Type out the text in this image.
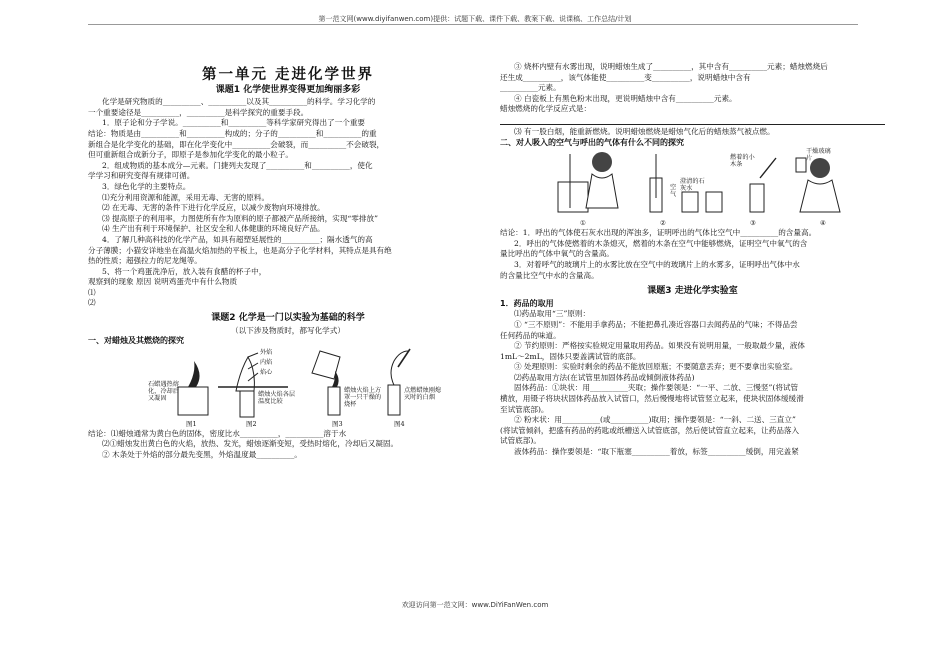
第一范文网(www.diyifanwen.com)提供：试题下载、课件下载、教案下载、说课稿、工作总结/计划
第一单元 走进化学世界
课题1 化学使世界变得更加绚丽多彩

化学是研究物质的__________、__________以及其__________的科学。学习化学的

一个重要途径是__________，__________是科学探究的重要手段。

1．原子论和分子学说。__________和__________等科学家研究得出了一个重要

结论：物质是由__________和__________构成的；分子的__________和__________的重

新组合是化学变化的基础，即在化学变化中__________会破裂，而__________不会破裂，

但可重新组合成新分子，即原子是参加化学变化的最小粒子。

2．组成物质的基本成分—元素。门捷列夫发现了__________和__________，使化

学学习和研究变得有规律可循。

3．绿色化学的主要特点。

⑴充分利用资源和能源，采用无毒、无害的原料。

⑵ 在无毒、无害的条件下进行化学反应，以减少废物向环境排放。

⑶ 提高原子的利用率，力图使所有作为原料的原子都被产品所接纳，实现“零排放”

⑷ 生产出有利于环境保护、社区安全和人体健康的环境良好产品。

4．了解几种高科技的化学产品，如具有超塑延展性的__________；隔水透气的高

分子薄膜；小猫安详地坐在高温火焰加热的平板上，也是高分子化学材料，其特点是具有绝

热的性质；超强拉力的尼龙绳等。

5、将一个鸡蛋洗净后，放入装有食醋的杯子中，

观察到的现象 原因 说明鸡蛋壳中有什么物质

⑴

⑵

课题2 化学是一门以实验为基础的科学
（以下涉及物质时，都写化学式）
一、对蜡烛及其燃烧的探究
石蜡遇热熔化，冷却后又凝固
外焰
内焰
焰心
蜡烛火焰各层温度比较
蜡烛火焰上方罩一只干燥的烧杯
点燃蜡烛刚熄灭时的白烟
图1	图2	图3	图4

结论：⑴蜡烛通常为黄白色的固体，密度比水__________，__________溶于水

⑵①蜡烛发出黄白色的火焰，放热、发光，蜡烛逐渐变短，受热时熔化，冷却后又凝固。

② 木条处于外焰的部分最先变黑，外焰温度最__________。

③ 烧杯内壁有水雾出现，说明蜡烛生成了__________，其中含有__________元素；蜡烛燃烧后

还生成__________，该气体能使__________变__________，说明蜡烛中含有

__________元素。

④ 白瓷板上有黑色粉末出现，更说明蜡烛中含有__________元素。

蜡烛燃烧的化学反应式是：

⑶ 有一股白烟，能重新燃烧。说明蜡烛燃烧是蜡烛气化后的蜡烛蒸气被点燃。

二、对人吸入的空气与呼出的气体有什么不同的探究
空气
澄清的石灰水
燃着的小木条
干燥玻璃片
①	②	③	④

结论：1．呼出的气体使石灰水出现的浑浊多，证明呼出的气体比空气中__________的含量高。

2．呼出的气体使燃着的木条熄灭，燃着的木条在空气中能够燃烧，证明空气中氧气的含

量比呼出的气体中氧气的含量高。

3．对着呼气的玻璃片上的水雾比放在空气中的玻璃片上的水雾多，证明呼出气体中水

的含量比空气中水的含量高。

课题3 走进化学实验室
1．药品的取用

⑴药品取用“三”原则：

① “三不原则”：不能用手拿药品；不能把鼻孔凑近容器口去闻药品的气味；不得品尝

任何药品的味道。

② 节约原则：严格按实验规定用量取用药品。如果没有说明用量，一般取最少量，液体

1mL～2mL，固体只要盖满试管的底部。

③ 处理原则：实验时剩余的药品不能放回原瓶；不要随意丢弃；更不要拿出实验室。

⑵药品取用方法(在试管里加固体药品或倾倒液体药品)

固体药品：①块状：用__________夹取；操作要领是：“一平、二放、三慢竖”(将试管

横放，用镊子将块状固体药品放入试管口，然后慢慢地将试管竖立起来，使块状固体缓缓滑

至试管底部)。

② 粉末状：用__________(或__________)取用；操作要领是：“一斜、二送、三直立”

(将试管倾斜，把盛有药品的药匙或纸槽送入试管底部，然后使试管直立起来，让药品落入

试管底部)。

液体药品：操作要领是：“取下瓶塞__________着放，标签__________缓倒，用完盖紧

欢迎访问第一范文网：www.DiYiFanWen.com
